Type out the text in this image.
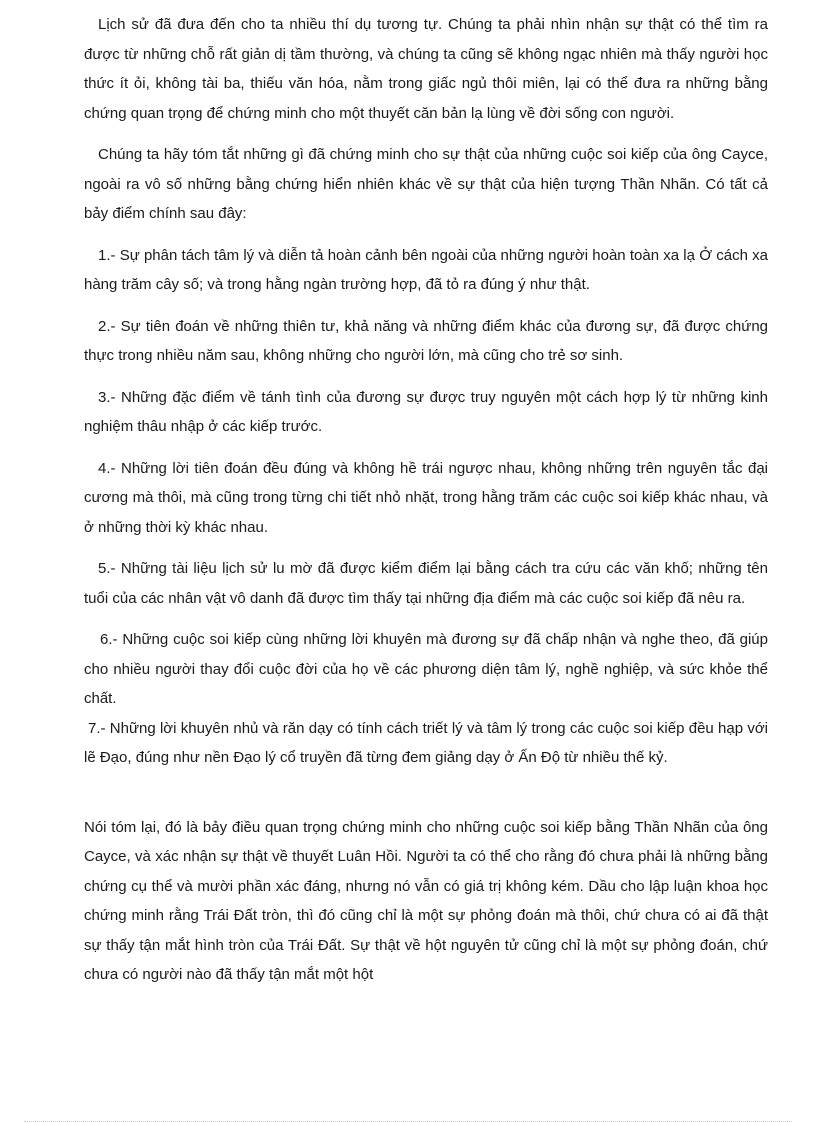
Lịch sử đã đưa đến cho ta nhiều thí dụ tương tự. Chúng ta phải nhìn nhận sự thật có thể tìm ra được từ những chỗ rất giản dị tầm thường, và chúng ta cũng sẽ không ngạc nhiên mà thấy người học thức ít ỏi, không tài ba, thiếu văn hóa, nằm trong giấc ngủ thôi miên, lại có thể đưa ra những bằng chứng quan trọng để chứng minh cho một thuyết căn bản lạ lùng về đời sống con người.

Chúng ta hãy tóm tắt những gì đã chứng minh cho sự thật của những cuộc soi kiếp của ông Cayce, ngoài ra vô số những bằng chứng hiển nhiên khác về sự thật của hiện tượng Thần Nhãn. Có tất cả bảy điểm chính sau đây:

1.- Sự phân tách tâm lý và diễn tả hoàn cảnh bên ngoài của những người hoàn toàn xa lạ Ở cách xa hàng trăm cây số; và trong hằng ngàn trường hợp, đã tỏ ra đúng ý như thật.

2.- Sự tiên đoán về những thiên tư, khả năng và những điểm khác của đương sự, đã được chứng thực trong nhiều năm sau, không những cho người lớn, mà cũng cho trẻ sơ sinh.

3.- Những đặc điểm về tánh tình của đương sự được truy nguyên một cách hợp lý từ những kinh nghiệm thâu nhập ở các kiếp trước.

4.- Những lời tiên đoán đều đúng và không hề trái ngược nhau, không những trên nguyên tắc đại cương mà thôi, mà cũng trong từng chi tiết nhỏ nhặt, trong hằng trăm các cuộc soi kiếp khác nhau, và ở những thời kỳ khác nhau.

5.- Những tài liệu lịch sử lu mờ đã được kiểm điểm lại bằng cách tra cứu các văn khố; những tên tuổi của các nhân vật vô danh đã được tìm thấy tại những địa điểm mà các cuộc soi kiếp đã nêu ra.

6.- Những cuộc soi kiếp cùng những lời khuyên mà đương sự đã chấp nhận và nghe theo, đã giúp cho nhiều người thay đổi cuộc đời của họ về các phương diện tâm lý, nghề nghiệp, và sức khỏe thể chất.

7.- Những lời khuyên nhủ và răn dạy có tính cách triết lý và tâm lý trong các cuộc soi kiếp đều hạp với lẽ Đạo, đúng như nền Đạo lý cổ truyền đã từng đem giảng dạy ở Ấn Độ từ nhiều thế kỷ.

Nói tóm lại, đó là bảy điều quan trọng chứng minh cho những cuộc soi kiếp bằng Thần Nhãn của ông Cayce, và xác nhận sự thật về thuyết Luân Hồi. Người ta có thể cho rằng đó chưa phải là những bằng chứng cụ thể và mười phần xác đáng, nhưng nó vẫn có giá trị không kém. Dầu cho lập luận khoa học chứng minh rằng Trái Đất tròn, thì đó cũng chỉ là một sự phỏng đoán mà thôi, chứ chưa có ai đã thật sự thấy tận mắt hình tròn của Trái Đất. Sự thật về hột nguyên tử cũng chỉ là một sự phỏng đoán, chứ chưa có người nào đã thấy tận mắt một hột
